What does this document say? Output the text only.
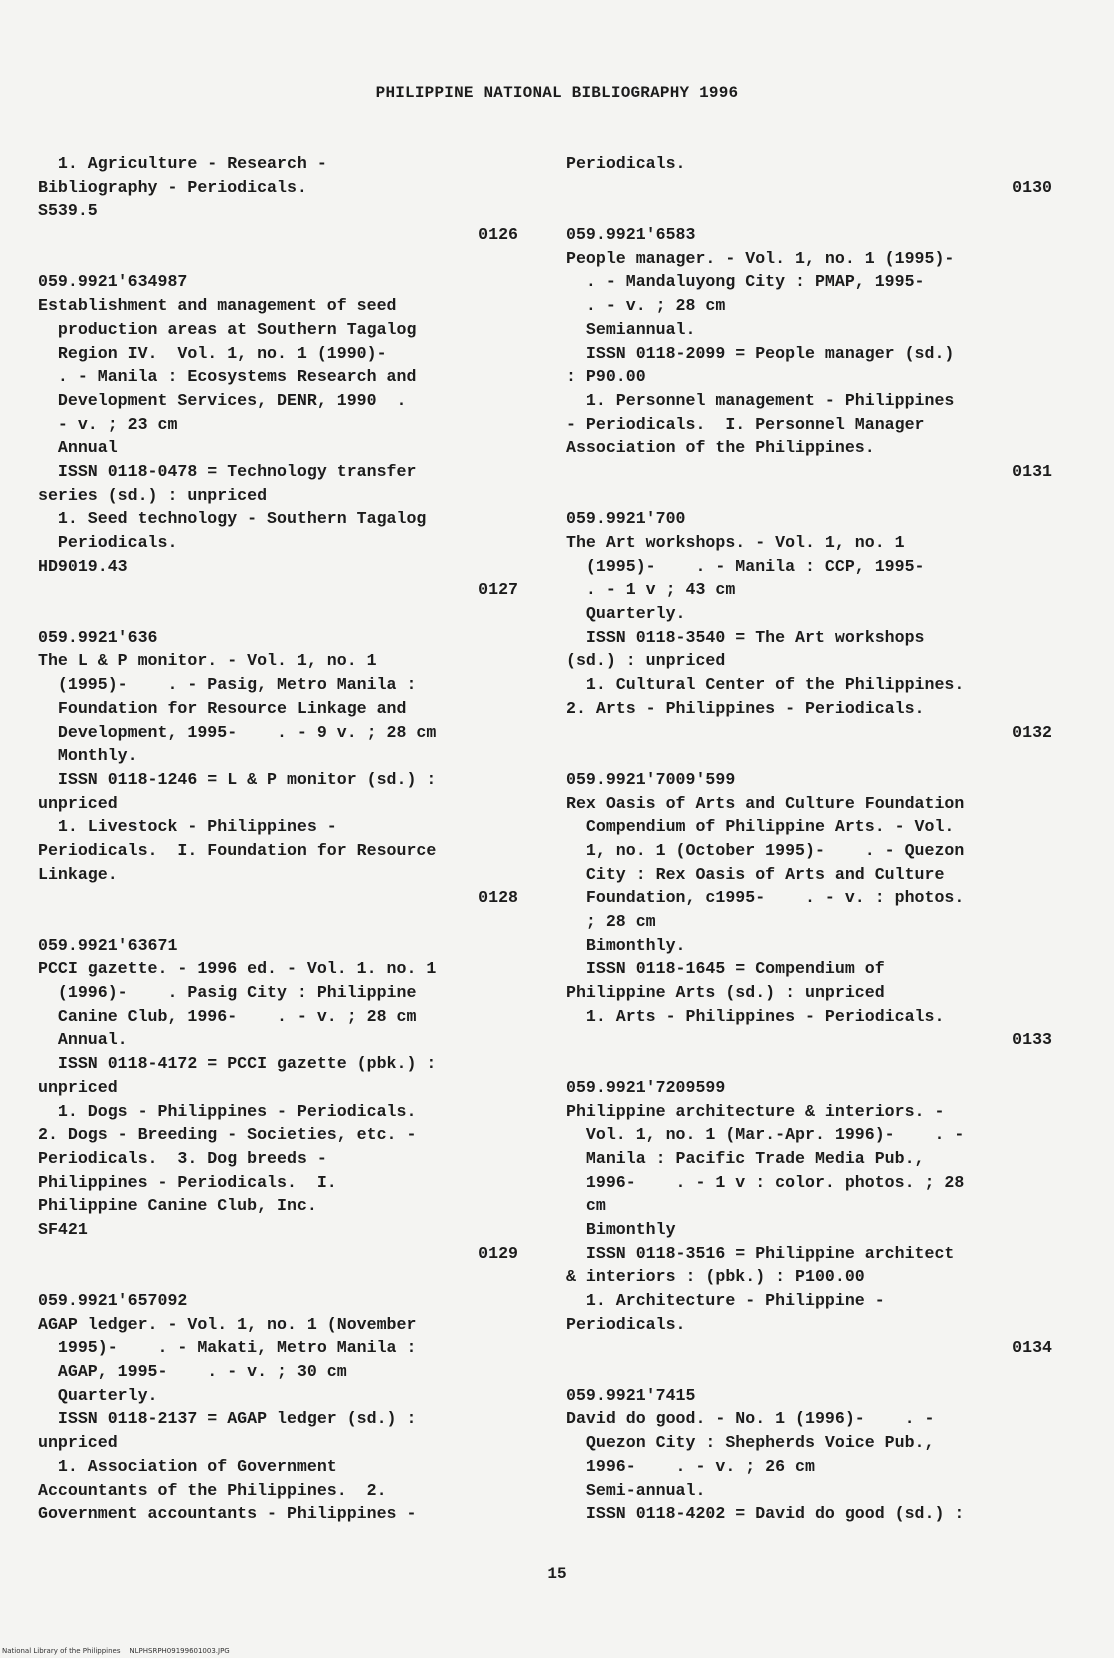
PHILIPPINE NATIONAL BIBLIOGRAPHY 1996
1. Agriculture - Research -
Bibliography - Periodicals.
S539.5
0126
059.9921'634987
Establishment and management of seed
production areas at Southern Tagalog
Region IV.  Vol. 1, no. 1 (1990)-
. - Manila : Ecosystems Research and
Development Services, DENR, 1990  .
- v. ; 23 cm
Annual
ISSN 0118-0478 = Technology transfer
series (sd.) : unpriced
1. Seed technology - Southern Tagalog
Periodicals.
HD9019.43
0127
059.9921'636
The L & P monitor. - Vol. 1, no. 1
(1995)-    . - Pasig, Metro Manila :
Foundation for Resource Linkage and
Development, 1995-    . - 9 v. ; 28 cm
Monthly.
ISSN 0118-1246 = L & P monitor (sd.) :
unpriced
1. Livestock - Philippines -
Periodicals.  I. Foundation for Resource
Linkage.
0128
059.9921'63671
PCCI gazette. - 1996 ed. - Vol. 1. no. 1
(1996)-    . Pasig City : Philippine
Canine Club, 1996-    . - v. ; 28 cm
Annual.
ISSN 0118-4172 = PCCI gazette (pbk.) :
unpriced
1. Dogs - Philippines - Periodicals.
2. Dogs - Breeding - Societies, etc. -
Periodicals.  3. Dog breeds -
Philippines - Periodicals.  I.
Philippine Canine Club, Inc.
SF421
0129
059.9921'657092
AGAP ledger. - Vol. 1, no. 1 (November
1995)-    . - Makati, Metro Manila :
AGAP, 1995-    . - v. ; 30 cm
Quarterly.
ISSN 0118-2137 = AGAP ledger (sd.) :
unpriced
1. Association of Government
Accountants of the Philippines.  2.
Government accountants - Philippines -
Periodicals.
0130
059.9921'6583
People manager. - Vol. 1, no. 1 (1995)-
. - Mandaluyong City : PMAP, 1995-
. - v. ; 28 cm
Semiannual.
ISSN 0118-2099 = People manager (sd.)
: P90.00
1. Personnel management - Philippines
- Periodicals.  I. Personnel Manager
Association of the Philippines.
0131
059.9921'700
The Art workshops. - Vol. 1, no. 1
(1995)-    . - Manila : CCP, 1995-
. - 1 v ; 43 cm
Quarterly.
ISSN 0118-3540 = The Art workshops
(sd.) : unpriced
1. Cultural Center of the Philippines.
2. Arts - Philippines - Periodicals.
0132
059.9921'7009'599
Rex Oasis of Arts and Culture Foundation
Compendium of Philippine Arts. - Vol.
1, no. 1 (October 1995)-    . - Quezon
City : Rex Oasis of Arts and Culture
Foundation, c1995-    . - v. : photos.
; 28 cm
Bimonthly.
ISSN 0118-1645 = Compendium of
Philippine Arts (sd.) : unpriced
1. Arts - Philippines - Periodicals.
0133
059.9921'7209599
Philippine architecture & interiors. -
Vol. 1, no. 1 (Mar.-Apr. 1996)-    . -
Manila : Pacific Trade Media Pub.,
1996-    . - 1 v : color. photos. ; 28
cm
Bimonthly
ISSN 0118-3516 = Philippine architect
& interiors : (pbk.) : P100.00
1. Architecture - Philippine -
Periodicals.
0134
059.9921'7415
David do good. - No. 1 (1996)-    . -
Quezon City : Shepherds Voice Pub.,
1996-    . - v. ; 26 cm
Semi-annual.
ISSN 0118-4202 = David do good (sd.) :
15
National Library of the Philippines    NLPHSRPH09199601003.JPG
